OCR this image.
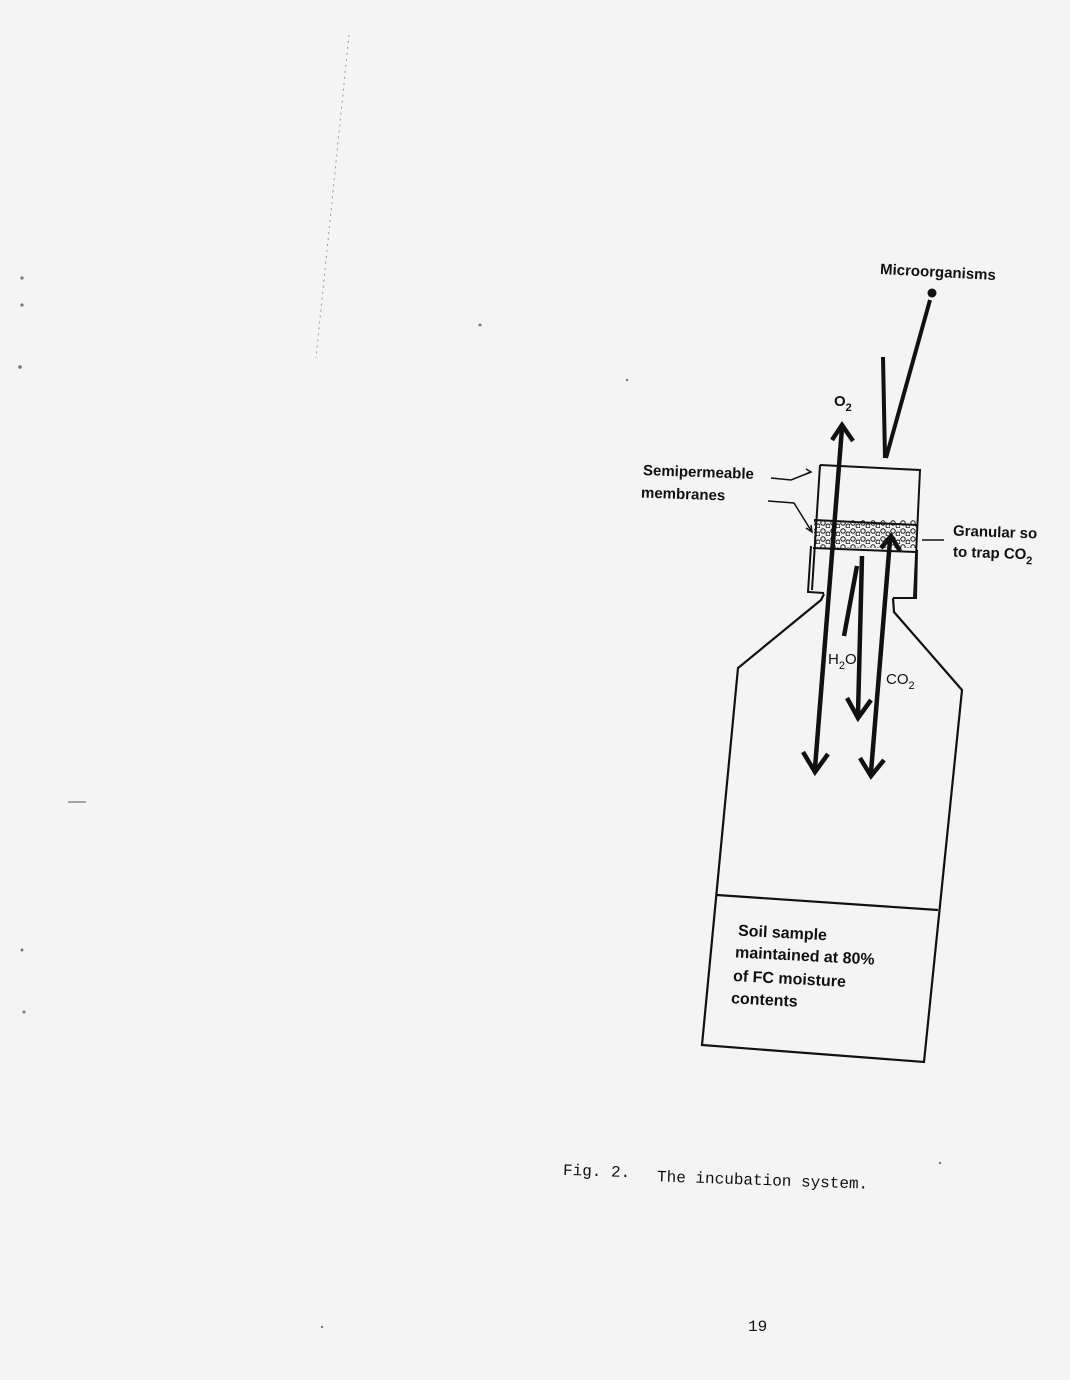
Microorganisms
$O_2$
Semipermeable
membranes
Granular so
to trap $CO_2$
$H_2O$
$CO_2$
Soil sample
maintained at 80%
of FC moisture
contents
Fig. 2. The incubation system.
19
